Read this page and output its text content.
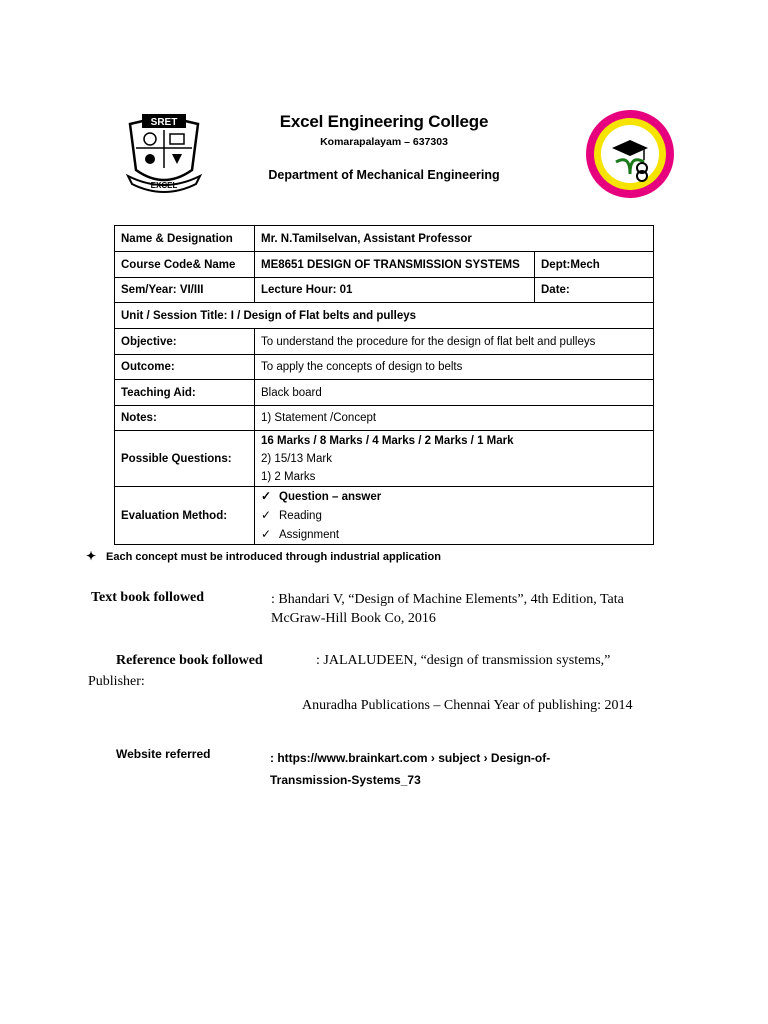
Excel Engineering College
Komarapalayam – 637303
Department of Mechanical Engineering
SRET
EXCEL
Name & Designation	Mr. N.Tamilselvan, Assistant Professor	
Course Code& Name	ME8651 DESIGN OF TRANSMISSION SYSTEMS	Dept:Mech
Sem/Year: VI/III	Lecture Hour: 01	Date:
Unit / Session Title: I / Design of Flat belts and pulleys		
Objective:	To understand the procedure for the design of flat belt and pulleys	
Outcome:	To apply the concepts of design to belts	
Teaching Aid:	Black board	
Notes:	1) Statement /Concept	
Possible Questions:	16 Marks / 8 Marks / 4 Marks / 2 Marks / 1 Mark
2) 15/13 Mark
1) 2 Marks	

Evaluation Method:	✓ Question – answer
✓ Reading
✓ Assignment	
✦ Each concept must be introduced through industrial application
Text book followed	: Bhandari V, “Design of Machine Elements”, 4th Edition, Tata McGraw-Hill Book Co, 2016
Reference book followed	: JALALUDEEN, “design of transmission systems,”
Publisher:
Anuradha Publications – Chennai Year of publishing: 2014
Website referred	: https://www.brainkart.com › subject › Design-of-Transmission-Systems_73
